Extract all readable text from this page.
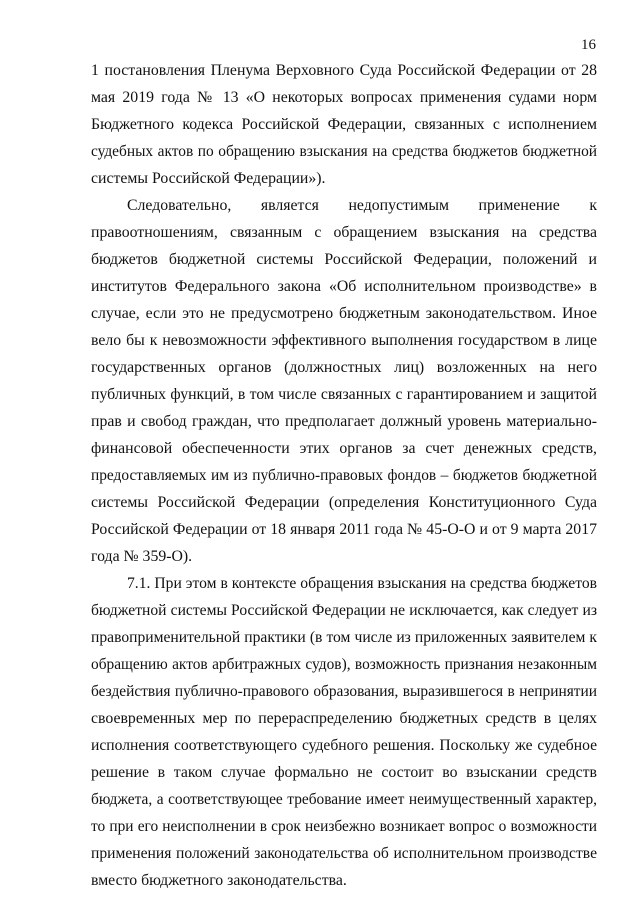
16
1 постановления Пленума Верховного Суда Российской Федерации от 28
мая 2019 года № 13 «О некоторых вопросах применения судами норм
Бюджетного кодекса Российской Федерации, связанных с исполнением
судебных актов по обращению взыскания на средства бюджетов бюджетной
системы Российской Федерации»).
Следовательно, является недопустимым применение к
правоотношениям, связанным с обращением взыскания на средства
бюджетов бюджетной системы Российской Федерации, положений и
институтов Федерального закона «Об исполнительном производстве» в
случае, если это не предусмотрено бюджетным законодательством. Иное
вело бы к невозможности эффективного выполнения государством в лице
государственных органов (должностных лиц) возложенных на него
публичных функций, в том числе связанных с гарантированием и защитой
прав и свобод граждан, что предполагает должный уровень материально-
финансовой обеспеченности этих органов за счет денежных средств,
предоставляемых им из публично-правовых фондов – бюджетов бюджетной
системы Российской Федерации (определения Конституционного Суда
Российской Федерации от 18 января 2011 года № 45-О-О и от 9 марта 2017
года № 359-О).
7.1. При этом в контексте обращения взыскания на средства бюджетов
бюджетной системы Российской Федерации не исключается, как следует из
правоприменительной практики (в том числе из приложенных заявителем к
обращению актов арбитражных судов), возможность признания незаконным
бездействия публично-правового образования, выразившегося в непринятии
своевременных мер по перераспределению бюджетных средств в целях
исполнения соответствующего судебного решения. Поскольку же судебное
решение в таком случае формально не состоит во взыскании средств
бюджета, а соответствующее требование имеет неимущественный характер,
то при его неисполнении в срок неизбежно возникает вопрос о возможности
применения положений законодательства об исполнительном производстве
вместо бюджетного законодательства.
